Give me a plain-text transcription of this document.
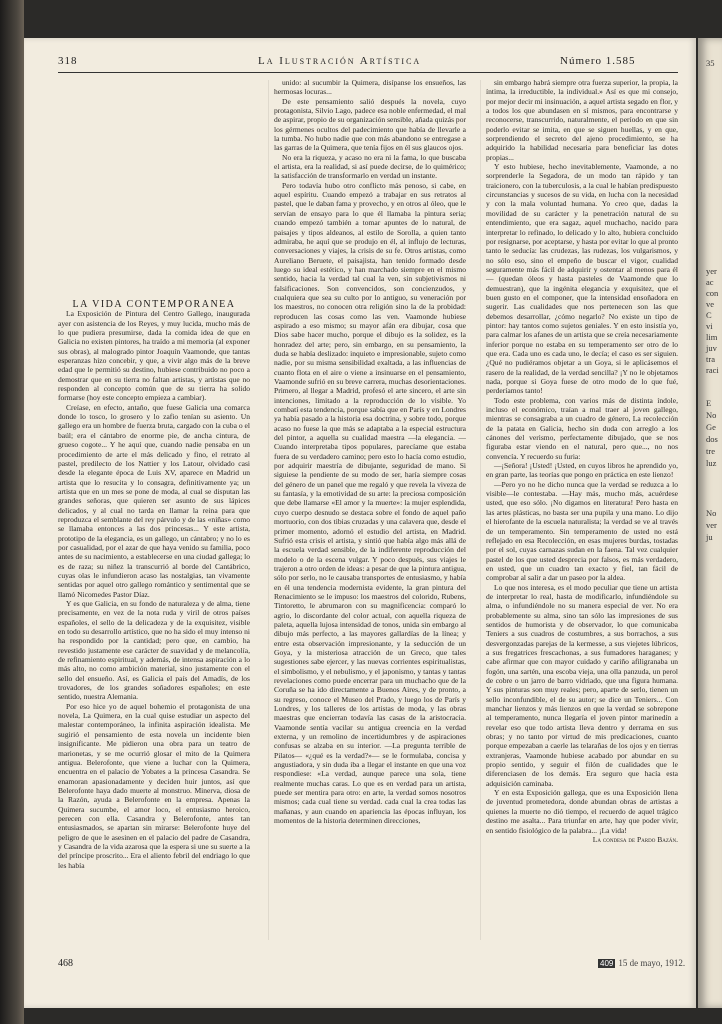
35
yer
ac
con
ve
C
vi
lim
juv
tra
raci
E
No
Ge
dos
tre
luz
No
ver
ju
318	La Ilustración Artística	Número 1.585

LA VIDA CONTEMPORÁNEA

La Exposición de Pintura del Centro Gallego, inaugurada ayer con asistencia de los Reyes, y muy lucida, mucho más de lo que pudiera presumirse, dada la comida idea de que en Galicia no existen pintores, ha traído a mi memoria (al exponer sus obras), al malogrado pintor Joaquín Vaamonde, que tantas esperanzas hizo concebir, y que, a vivir algo más de la breve edad que le permitió su destino, hubiese contribuido no poco a demostrar que en su tierra no faltan artistas, y artistas que no responden al concepto común que de su tierra ha solido formarse (hoy este concepto empieza a cambiar).

Creíase, en efecto, antaño, que fuese Galicia una comarca donde lo tosco, lo grosero y lo zafio tenían su asiento. Un gallego era un hombre de fuerza bruta, cargado con la cuba o el baúl; era el cántabro de enorme pie, de ancha cintura, de grueso cogote... Y he aquí que, cuando nadie pensaba en un procedimiento de arte el más delicado y fino, el retrato al pastel, predilecto de los Nattier y los Latour, olvidado casi desde la elegante época de Luis XV, aparece en Madrid un artista que lo resucita y lo consagra, definitivamente ya; un artista que en un mes se pone de moda, al cual se disputan las grandes señoras, que quieren ser asunto de sus lápices delicados, y al cual no tarda en llamar la reina para que reproduzca el semblante del rey párvulo y de las «niñas» como se llamaba entonces a las dos princesas... Y este artista, prototipo de la elegancia, es un gallego, un cántabro; y no lo es por casualidad, por el azar de que haya venido su familia, poco antes de su nacimiento, a establecerse en una ciudad gallega; lo es de raza; su niñez la transcurrió al borde del Cantábrico, cuyas olas le infundieron acaso las nostalgias, tan vivamente sentidas por aquel otro gallego romántico y sentimental que se llamó Nicomedes Pastor Díaz.

Y es que Galicia, en su fondo de naturaleza y de alma, tiene precisamente, en vez de la nota ruda y viril de otros países españoles, el sello de la delicadeza y de la exquisitez, visible en todo su desarrollo artístico, que no ha sido el muy intenso ni ha respondido por la cantidad; pero que, en cambio, ha revestido justamente ese carácter de suavidad y de melancolía, de refinamiento espiritual, y además, de intensa aspiración a lo más alto, no como ambición material, sino justamente con el sello del ensueño. Así, es Galicia el país del Amadís, de los trovadores, de los grandes soñadores españoles; en este sentido, nuestra Alemania.

Por eso hice yo de aquel bohemio el protagonista de una novela, La Quimera, en la cual quise estudiar un aspecto del malestar contemporáneo, la infinita aspiración idealista. Me sugirió el pensamiento de esta novela un incidente bien insignificante. Me pidieron una obra para un teatro de marionetas, y se me ocurrió glosar el mito de la Quimera antigua. Belerofonte, que viene a luchar con la Quimera, encuentra en el palacio de Yobates a la princesa Casandra. Se enamoran apasionadamente y deciden huir juntos, así que Belerofonte haya dado muerte al monstruo. Minerva, diosa de la Razón, ayuda a Belerofonte en la empresa. Apenas la Quimera sucumbe, el amor loco, el entusiasmo heroico, perecen con ella. Casandra y Belerofonte, antes tan entusiasmados, se apartan sin mirarse: Belerofonte huye del peligro de que le asesinen en el palacio del padre de Casandra, y Casandra de la vida azarosa que la espera si une su suerte a la del príncipe proscrito... Era el aliento febril del endriago lo que les había

unido: al sucumbir la Quimera, disípanse los ensueños, las hermosas locuras...

De este pensamiento salió después la novela, cuyo protagonista, Silvio Lago, padece esa noble enfermedad, el mal de aspirar, propio de su organización sensible, añada quizás por los gérmenes ocultos del padecimiento que había de llevarle a la tumba. No hubo nadie que con más abandono se entregase a las garras de la Quimera, que tenía fijos en él sus glaucos ojos.

No era la riqueza, y acaso no era ni la fama, lo que buscaba el artista, era la realidad, si así puede decirse, de lo quimérico; la satisfacción de transformarlo en verdad un instante.

Pero todavía hubo otro conflicto más penoso, si cabe, en aquel espíritu. Cuando empezó a trabajar en sus retratos al pastel, que le daban fama y provecho, y en otros al óleo, que le servían de ensayo para lo que él llamaba la pintura seria; cuando empezó también a tomar apuntes de lo natural, de paisajes y tipos aldeanos, al estilo de Sorolla, a quien tanto admiraba, he aquí que se produjo en él, al influjo de lecturas, conversaciones y viajes, la crisis de su fe. Otros artistas, como Aureliano Beruete, el paisajista, han tenido formado desde luego su ideal estético, y han marchado siempre en el mismo sentido, hacia la verdad tal cual la ven, sin subjetivismos ni falsificaciones. Son convencidos, son concienzudos, y cualquiera que sea su culto por lo antiguo, su veneración por los maestros, no conocen otra religión sino la de la probidad: reproducen las cosas como las ven. Vaamonde hubiese aspirado a eso mismo; su mayor afán era dibujar, cosa que Dios sabe hacer mucho, porque el dibujo es la solidez, es la honradez del arte; pero, sin embargo, en su pensamiento, la duda se había deslizado: inquieto e impresionable, sujeto como nadie, por su misma sensibilidad exaltada, a las influencias de cuanto flota en el aire o viene a insinuarse en el pensamiento, Vaamonde sufrió en su breve carrera, muchas desorientaciones. Primero, al llegar a Madrid, profesó el arte sincero, el arte sin intenciones, limitado a la reproducción de lo visible. Yo combatí esta tendencia, porque sabía que en París y en Londres ya había pasado a la historia esa doctrina, y sobre todo, porque acaso no fuese la que más se adaptaba a la especial estructura del pintor, a aquella su cualidad maestra —la elegancia. —Cuando interpretaba tipos populares, parecíame que estaba fuera de su verdadero camino; pero esto lo hacía como estudio, por adquirir maestría de dibujante, seguridad de mano. Si siguiese la pendiente de su modo de ser, haría siempre cosas del género de un panel que me regaló y que revela la viveza de su fantasía, y la emotividad de su arte: la preciosa composición que debe llamarse «El amor y la muerte»: la mujer esplendida, cuyo cuerpo desnudo se destaca sobre el fondo de aquel paño mortuorio, con dos tibias cruzadas y una calavera que, desde el primer momento, adornó el estudio del artista, en Madrid. Sufrió esta crisis el artista, y sintió que había algo más allá de la escuela verdad sensible, de la indiferente reproducción del modelo o de la escena vulgar. Y poco después, sus viajes le trajeron a otro orden de ideas: a pesar de que la pintura antigua, sólo por serlo, no le causaba transportes de entusiasmo, y había en él una tendencia modernista evidente, la gran pintura del Renacimiento se le impuso: los maestros del colorido, Rubens, Tintoretto, le abrumaron con su magnificencia: comparó lo agrio, lo discordante del color actual, con aquella riqueza de paleta, aquella lujosa intensidad de tonos, unida sin embargo al dibujo más perfecto, a las mayores gallardías de la línea; y entre esta observación impresionante, y la seducción de un Goya, y la misteriosa atracción de un Greco, que tales sugestiones sabe ejercer, y las nuevas corrientes espiritualistas, el simbolismo, y el nebulismo, y el japonismo, y tantas y tantas revelaciones como puede encerrar para un muchacho que de la Coruña se ha ido directamente a Buenos Aires, y de pronto, a su regreso, conoce el Museo del Prado, y luego los de París y Londres, y los talleres de los artistas de moda, y las obras maestras que encierran todavía las casas de la aristocracia. Vaamonde sentía vacilar su antigua creencia en la verdad externa, y un remolino de incertidumbres y de aspiraciones confusas se alzaba en su interior. —La pregunta terrible de Pilatos— «¿qué es la verdad?»— se le formulaba, concisa y angustiadora, y sin duda iba a llegar el instante en que una voz respondiese: «La verdad, aunque parece una sola, tiene realmente muchas caras. Lo que es en verdad para un artista, puede ser mentira para otro: en arte, la verdad somos nosotros mismos; cada cual tiene su verdad. cada cual la crea todas las mañanas, y aun cuando en apariencia las épocas influyan, los momentos de la historia determinen direcciones,

sin embargo habrá siempre otra fuerza superior, la propia, la íntima, la irreductible, la individual.» Así es que mi consejo, por mejor decir mi insinuación, a aquel artista segado en flor, y a todos los que abundasen en sí mismos, para encontrarse y reconocerse, transcurrido, naturalmente, el período en que sin poderlo evitar se imita, en que se siguen huellas, y en que, sorprendiendo el secreto del ajeno procedimiento, se ha adquirido la habilidad necesaria para beneficiar las dotes propias...

Y esto hubiese, hecho inevitablemente, Vaamonde, a no sorprenderle la Segadora, de un modo tan rápido y tan traicionero, con la tuberculosis, a la cual le habían predispuesto circunstancias y sucesos de su vida, en lucha con la necesidad y con la mala voluntad humana. Yo creo que, dadas la movilidad de su carácter y la penetración natural de su entendimiento, que era sagaz, aquel muchacho, nacido para interpretar lo refinado, lo delicado y lo alto, hubiera concluido por resignarse, por aceptarse, y hasta por evitar lo que al pronto tanto le seducía: las crudezas, las rudezas, los vulgarismos, y no sólo eso, sino el empeño de buscar el vigor, cualidad seguramente más fácil de adquirir y ostentar al menos para él— (quedan óleos y hasta pasteles de Vaamonde que lo demuestran), que la ingénita elegancia y exquisitez, que el buen gusto en el componer, que la intensidad ensoñadora en sugerir. Las cualidades que nos pertenecen son las que debemos desarrollar, ¿cómo negarlo? No existe un tipo de pintor: hay tantos como sujetos geniales. Y en esto insistía yo, para calmar los afanes de un artista que se creía necesariamente inferior porque no estaba en su temperamento ser otro de lo que era. Cada uno es cada uno, le decía; el caso es ser siguien. ¿Qué no pudiéramos objetar a un Goya, si le aplicásemos el rasero de la realidad, de la verdad sencilla? ¡Y no le objetamos nada, porque si Goya fuese de otro modo de lo que fué, perderíamos tanto!

Todo este problema, con varios más de distinta índole, incluso el económico, traían a mal traer al joven gallego, mientras se consagraba a un cuadro de género, La recolección de la patata en Galicia, hecho sin duda con arreglo a los cánones del verismo, perfectamente dibujado, que se nos figuraba estar viendo en el natural, pero que..., no nos convencía. Y recuerdo su furia:

—¡Señora! ¡Usted! ¡Usted, en cuyos libros he aprendido yo, en gran parte, las teorías que pongo en práctica en este lienzo!

—Pero yo no he dicho nunca que la verdad se reduzca a lo visible—le contestaba. —Hay más, mucho más, acuérdese usted, que eso sólo. ¡No digamos en literatura! Pero hasta en las artes plásticas, no basta ser una pupila y una mano. Lo dijo el hierofante de la escuela naturalista; la verdad se ve al través de un temperamento. Sin temperamento de usted no está reflejado en esa Recolección, en esas mujeres burdas, tostadas por el sol, cuyas carnazas sudan en la faena. Tal vez cualquier pastel de los que usted desprecia por falsos, es más verdadero, en usted, que un cuadro tan exacto y fiel, tan fácil de comprobar al salir a dar un paseo por la aldea.

Lo que nos interesa, es el modo peculiar que tiene un artista de interpretar lo real, hasta de modificarlo, infundiéndole su alma, o infundiéndole no su manera especial de ver. No era probablemente su alma, sino tan sólo las impresiones de sus sentidos de humorista y de observador, lo que comunicaba Teniers a sus cuadros de costumbres, a sus borrachos, a sus desvergonzadas parejas de la kermesse, a sus viejetes lúbricos, a sus fregatrices frescachonas, a sus fumadores haraganes; y cabe afirmar que con mayor cuidado y cariño afiligranaba un fogón, una sartén, una escoba vieja, una olla panzuda, un perol de cobre o un jarro de barro vidriado, que una figura humana. Y sus pinturas son muy reales; pero, aparte de serlo, tienen un sello inconfundible, el de su autor; se dice un Teniers... Con manchar lienzos y más lienzos en que la verdad se sobrepone al temperamento, nunca llegaría el joven pintor marinedín a revelar eso que todo artista lleva dentro y derrama en sus obras; y no tanto por virtud de mis predicaciones, cuanto porque empezaban a caerle las telarañas de los ojos y en tierras extranjeras, Vaamonde hubiese acabado por abundar en su propio sentido, y seguir el filón de cualidades que le diferenciasen de los demás. Era seguro que hacía esta adquisición caminaba.

Y en esta Exposición gallega, que es una Exposición llena de juventud prometedora, donde abundan obras de artistas a quienes la muerte no dió tiempo, el recuerdo de aquel trágico destino me asalta... Para triunfar en arte, hay que poder vivir, en sentido fisiológico de la palabra... ¡La vida!

La condesa de Pardo Bazán.

468	409 15 de mayo, 1912.
